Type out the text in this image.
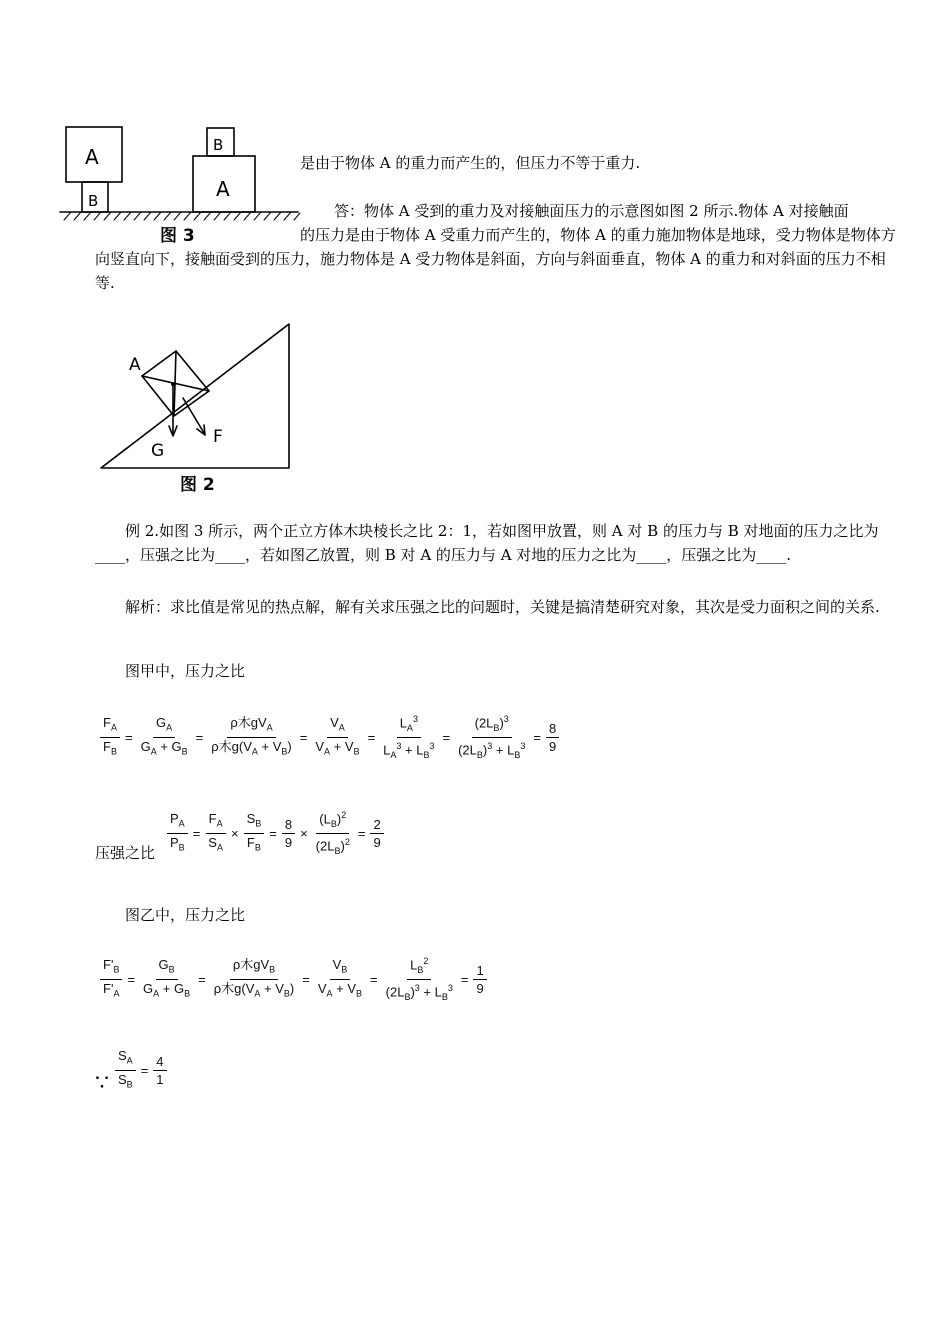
A
B	A
B
图 3
是由于物体 A 的重力而产生的，但压力不等于重力.
答：物体 A 受到的重力及对接触面压力的示意图如图 2 所示.物体 A 对接触面
的压力是由于物体 A 受重力而产生的，物体 A 的重力施加物体是地球，受力物体是物体方向竖直向下，接触面受到的压力，施力物体是 A 受力物体是斜面，方向与斜面垂直，物体 A 的重力和对斜面的压力不相等.
A
G
F
图 2
例 2.如图 3 所示，两个正立方体木块棱长之比 2：1，若如图甲放置，则 A 对 B 的压力与 B 对地面的压力之比为____，压强之比为____，若如图乙放置，则 B 对 A 的压力与 A 对地的压力之比为____，压强之比为____.
解析：求比值是常见的热点解，解有关求压强之比的问题时，关键是搞清楚研究对象，其次是受力面积之间的关系.
图甲中，压力之比
$\frac{F_A}{F_B} = \frac{G_A}{G_A + G_B} = \frac{\rho 木gV_A}{\rho 木g(V_A + V_B)} = \frac{V_A}{V_A + V_B} = \frac{L_A^3}{L_A^3 + L_B^3} = \frac{(2L_B)^3}{(2L_B)^3 + L_B^3} = \frac{8}{9}$
压强之比 $\frac{P_A}{P_B} = \frac{F_A}{S_A} \times \frac{S_B}{F_B} = \frac{8}{9} \times \frac{(L_B)^2}{(2L_B)^2} = \frac{2}{9}$
图乙中，压力之比
$\frac{F'_B}{F'_A} = \frac{G_B}{G_A + G_B} = \frac{\rho 木gV_B}{\rho 木g(V_A + V_B)} = \frac{V_B}{V_A + V_B} = \frac{L_B^2}{(2L_B)^3 + L_B^3} = \frac{1}{9}$
∵ $\frac{S_A}{S_B} = \frac{4}{1}$
